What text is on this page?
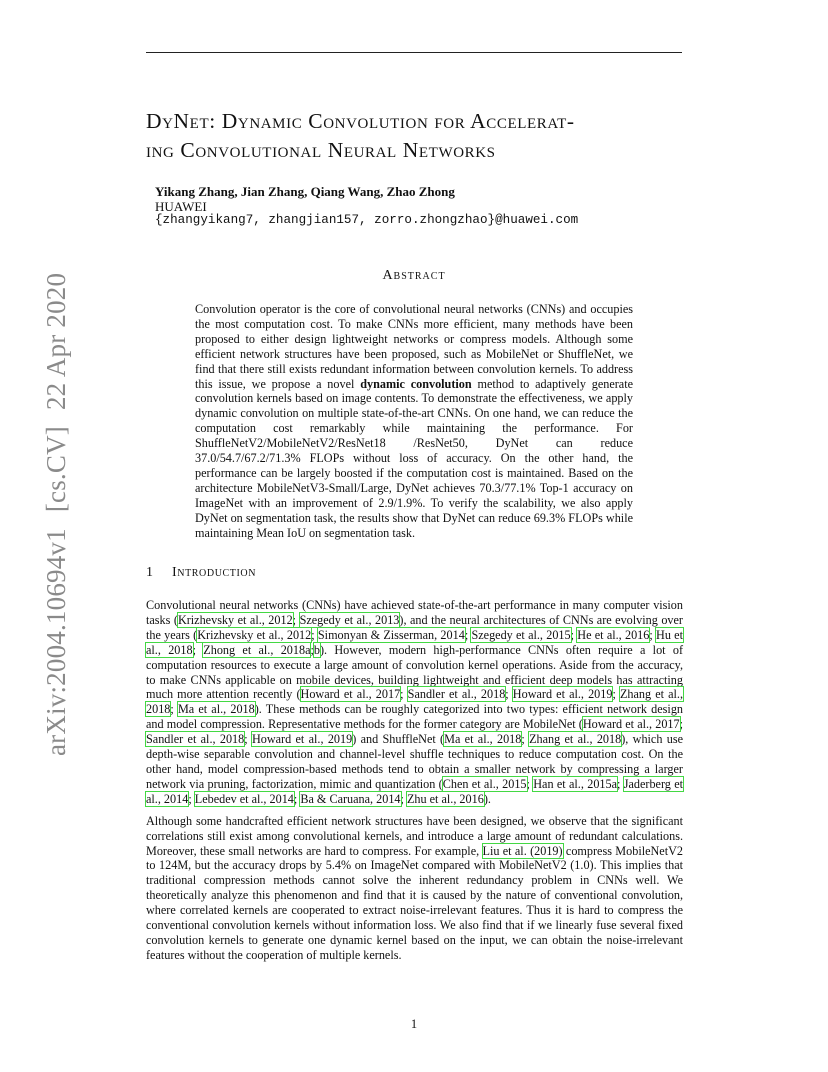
arXiv:2004.10694v1[cs.CV]22 Apr 2020
DyNet: Dynamic Convolution for Accelerat-
ing Convolutional Neural Networks
Yikang Zhang, Jian Zhang, Qiang Wang, Zhao Zhong
HUAWEI
{zhangyikang7, zhangjian157, zorro.zhongzhao}@huawei.com
Abstract
Convolution operator is the core of convolutional neural networks (CNNs) and occupies the most computation cost. To make CNNs more efficient, many methods have been proposed to either design lightweight networks or compress models. Although some efficient network structures have been proposed, such as MobileNet or ShuffleNet, we find that there still exists redundant information between convolution kernels. To address this issue, we propose a novel dynamic convolution method to adaptively generate convolution kernels based on image contents. To demonstrate the effectiveness, we apply dynamic convolution on multiple state-of-the-art CNNs. On one hand, we can reduce the computation cost remarkably while maintaining the performance. For ShuffleNetV2/MobileNetV2/ResNet18 /ResNet50, DyNet can reduce 37.0/54.7/67.2/71.3% FLOPs without loss of accuracy. On the other hand, the performance can be largely boosted if the computation cost is maintained. Based on the architecture MobileNetV3-Small/Large, DyNet achieves 70.3/77.1% Top-1 accuracy on ImageNet with an improvement of 2.9/1.9%. To verify the scalability, we also apply DyNet on segmentation task, the results show that DyNet can reduce 69.3% FLOPs while maintaining Mean IoU on segmentation task.
1 Introduction

Convolutional neural networks (CNNs) have achieved state-of-the-art performance in many computer vision tasks (Krizhevsky et al., 2012; Szegedy et al., 2013), and the neural architectures of CNNs are evolving over the years (Krizhevsky et al., 2012; Simonyan & Zisserman, 2014; Szegedy et al., 2015; He et al., 2016; Hu et al., 2018; Zhong et al., 2018a;b). However, modern high-performance CNNs often require a lot of computation resources to execute a large amount of convolution kernel operations. Aside from the accuracy, to make CNNs applicable on mobile devices, building lightweight and efficient deep models has attracting much more attention recently (Howard et al., 2017; Sandler et al., 2018; Howard et al., 2019; Zhang et al., 2018; Ma et al., 2018). These methods can be roughly categorized into two types: efficient network design and model compression. Representative methods for the former category are MobileNet (Howard et al., 2017; Sandler et al., 2018; Howard et al., 2019) and ShuffleNet (Ma et al., 2018; Zhang et al., 2018), which use depth-wise separable convolution and channel-level shuffle techniques to reduce computation cost. On the other hand, model compression-based methods tend to obtain a smaller network by compressing a larger network via pruning, factorization, mimic and quantization (Chen et al., 2015; Han et al., 2015a; Jaderberg et al., 2014; Lebedev et al., 2014; Ba & Caruana, 2014; Zhu et al., 2016).

Although some handcrafted efficient network structures have been designed, we observe that the significant correlations still exist among convolutional kernels, and introduce a large amount of redundant calculations. Moreover, these small networks are hard to compress. For example, Liu et al. (2019) compress MobileNetV2 to 124M, but the accuracy drops by 5.4% on ImageNet compared with MobileNetV2 (1.0). This implies that traditional compression methods cannot solve the inherent redundancy problem in CNNs well. We theoretically analyze this phenomenon and find that it is caused by the nature of conventional convolution, where correlated kernels are cooperated to extract noise-irrelevant features. Thus it is hard to compress the conventional convolution kernels without information loss. We also find that if we linearly fuse several fixed convolution kernels to generate one dynamic kernel based on the input, we can obtain the noise-irrelevant features without the cooperation of multiple kernels.

1
